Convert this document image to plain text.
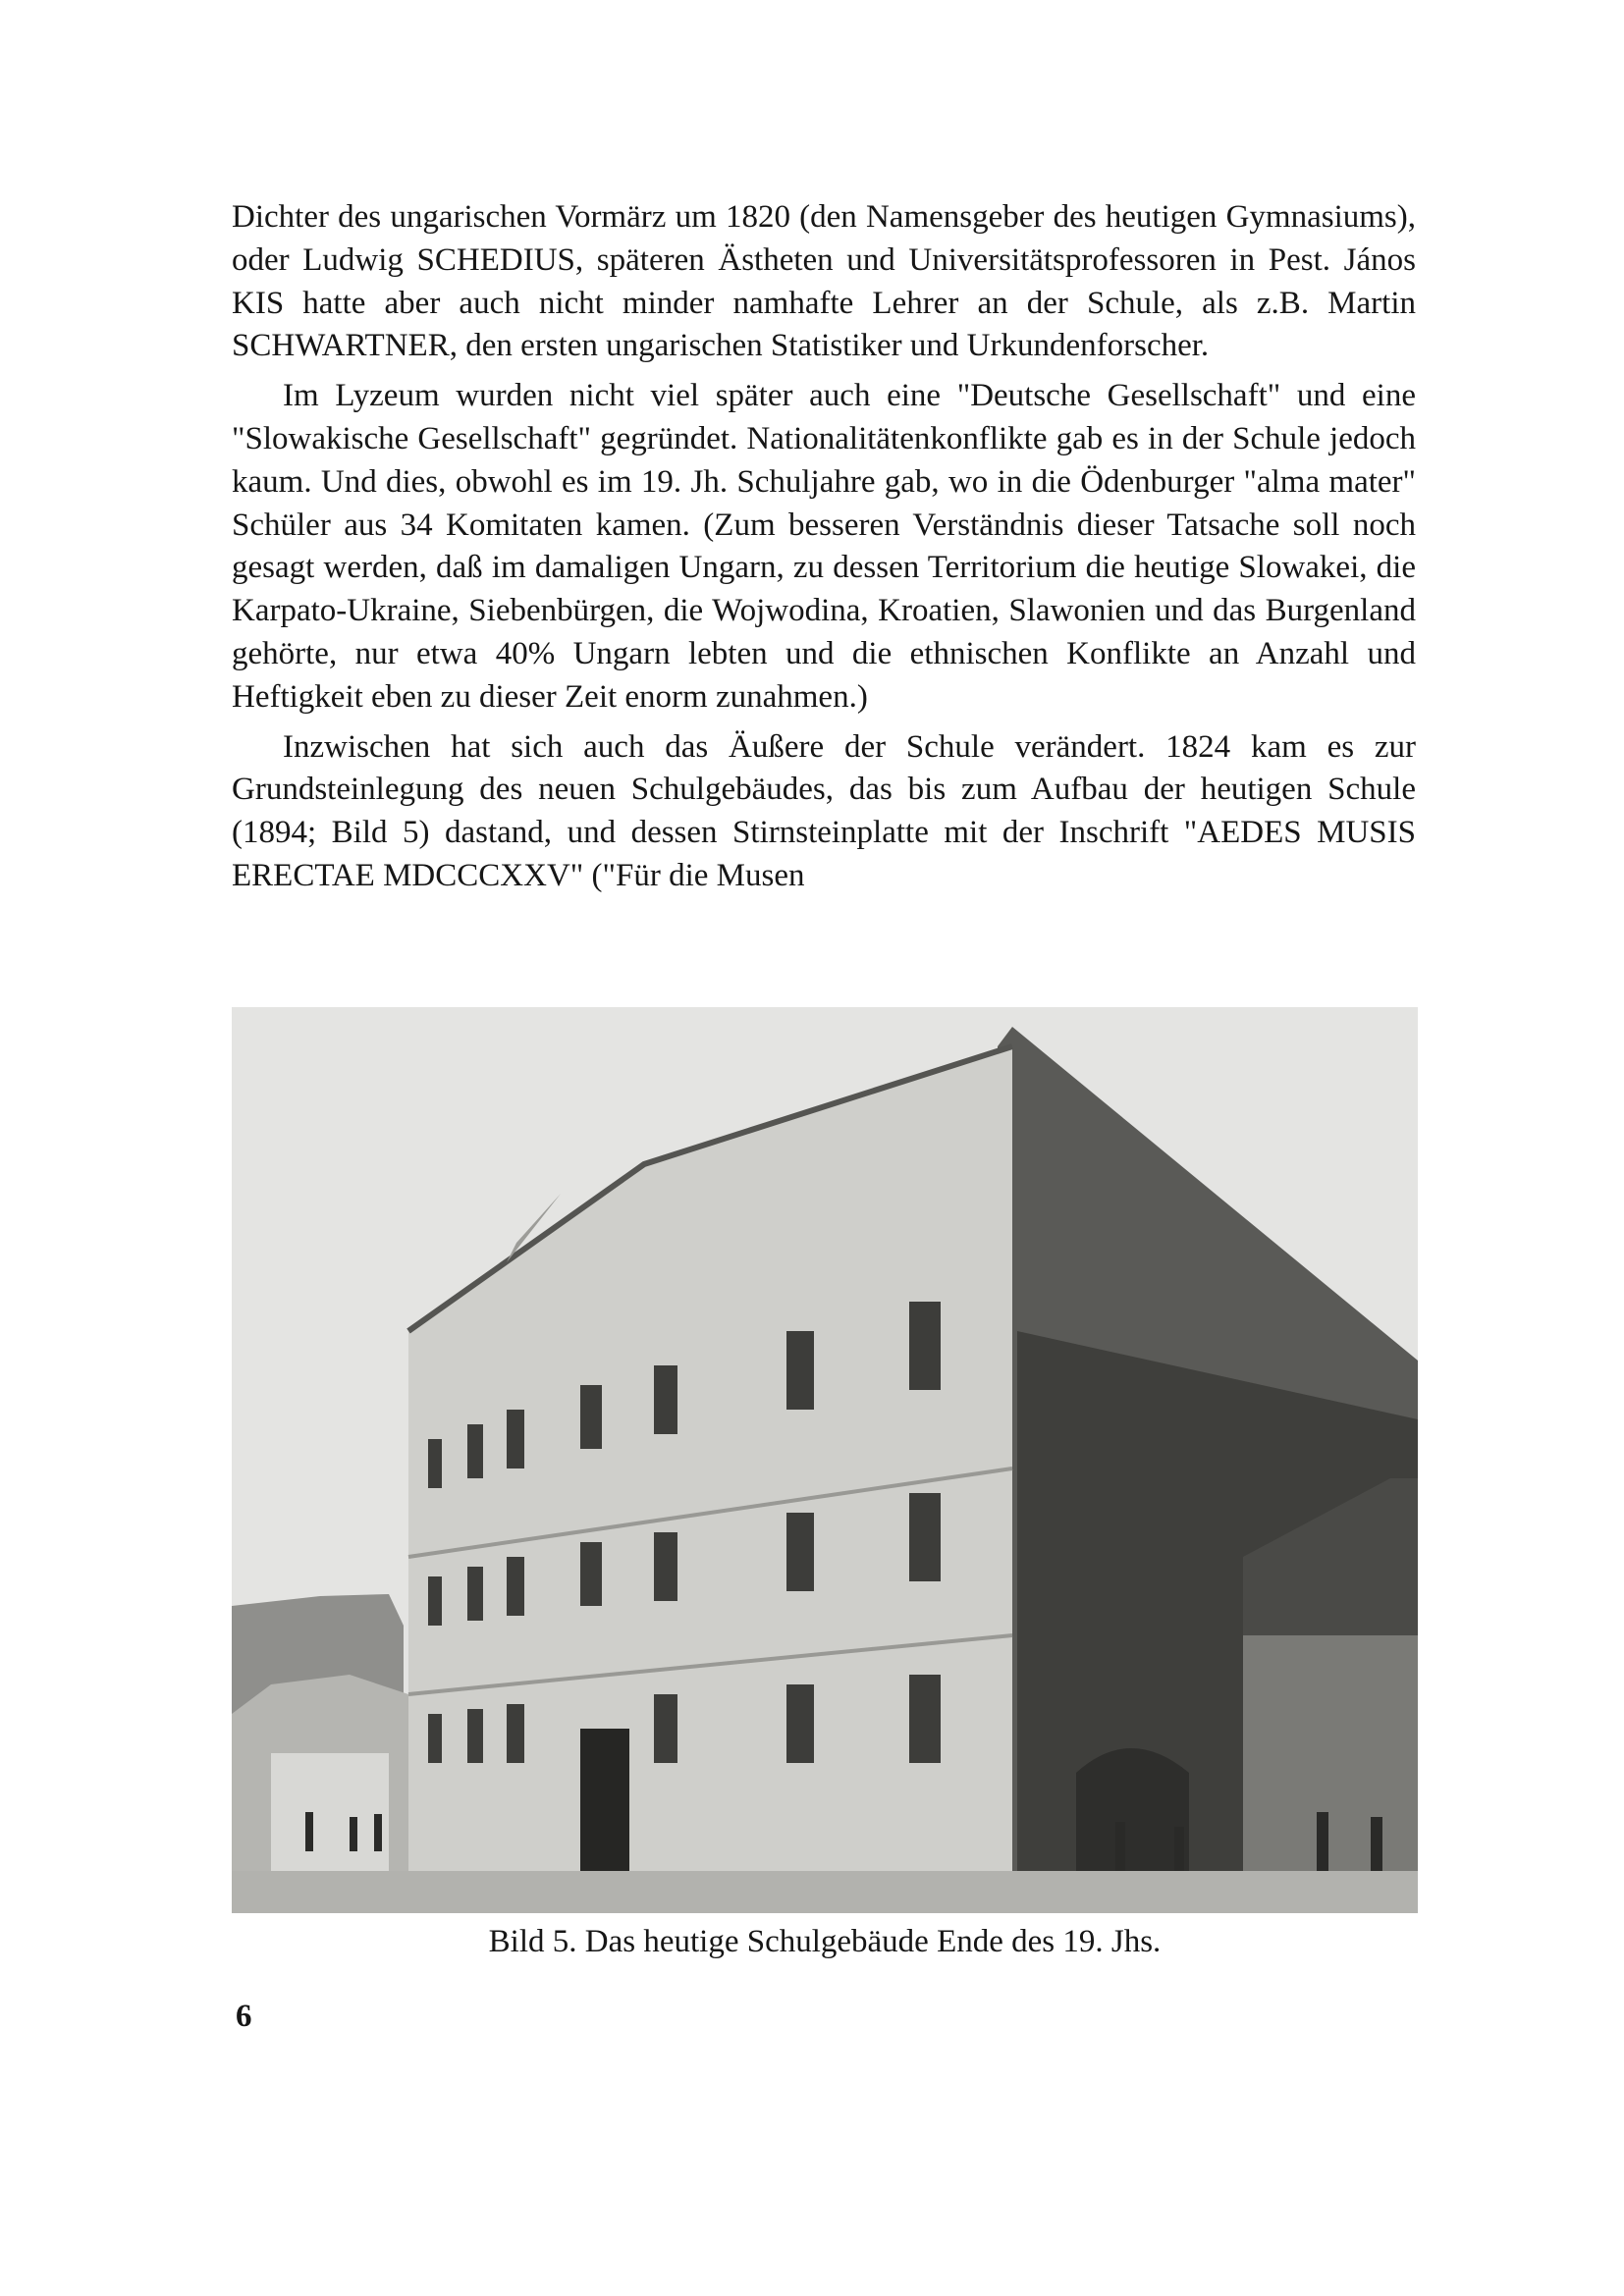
Dichter des ungarischen Vormärz um 1820 (den Namensgeber des heutigen Gymnasiums), oder Ludwig SCHEDIUS, späteren Ästheten und Universitätsprofessoren in Pest. János KIS hatte aber auch nicht minder namhafte Lehrer an der Schule, als z.B. Martin SCHWARTNER, den ersten ungarischen Statistiker und Urkundenforscher.

Im Lyzeum wurden nicht viel später auch eine "Deutsche Gesellschaft" und eine "Slowakische Gesellschaft" gegründet. Nationalitätenkonflikte gab es in der Schule jedoch kaum. Und dies, obwohl es im 19. Jh. Schuljahre gab, wo in die Ödenburger "alma mater" Schüler aus 34 Komitaten kamen. (Zum besseren Verständnis dieser Tatsache soll noch gesagt werden, daß im damaligen Ungarn, zu dessen Territorium die heutige Slowakei, die Karpato-Ukraine, Siebenbürgen, die Wojwodina, Kroatien, Slawonien und das Burgenland gehörte, nur etwa 40% Ungarn lebten und die ethnischen Konflikte an Anzahl und Heftigkeit eben zu dieser Zeit enorm zunahmen.)

Inzwischen hat sich auch das Äußere der Schule verändert. 1824 kam es zur Grundsteinlegung des neuen Schulgebäudes, das bis zum Aufbau der heutigen Schule (1894; Bild 5) dastand, und dessen Stirnsteinplatte mit der Inschrift "AEDES MUSIS ERECTAE MDCCCXXV" ("Für die Musen

Bild 5. Das heutige Schulgebäude Ende des 19. Jhs.
6
